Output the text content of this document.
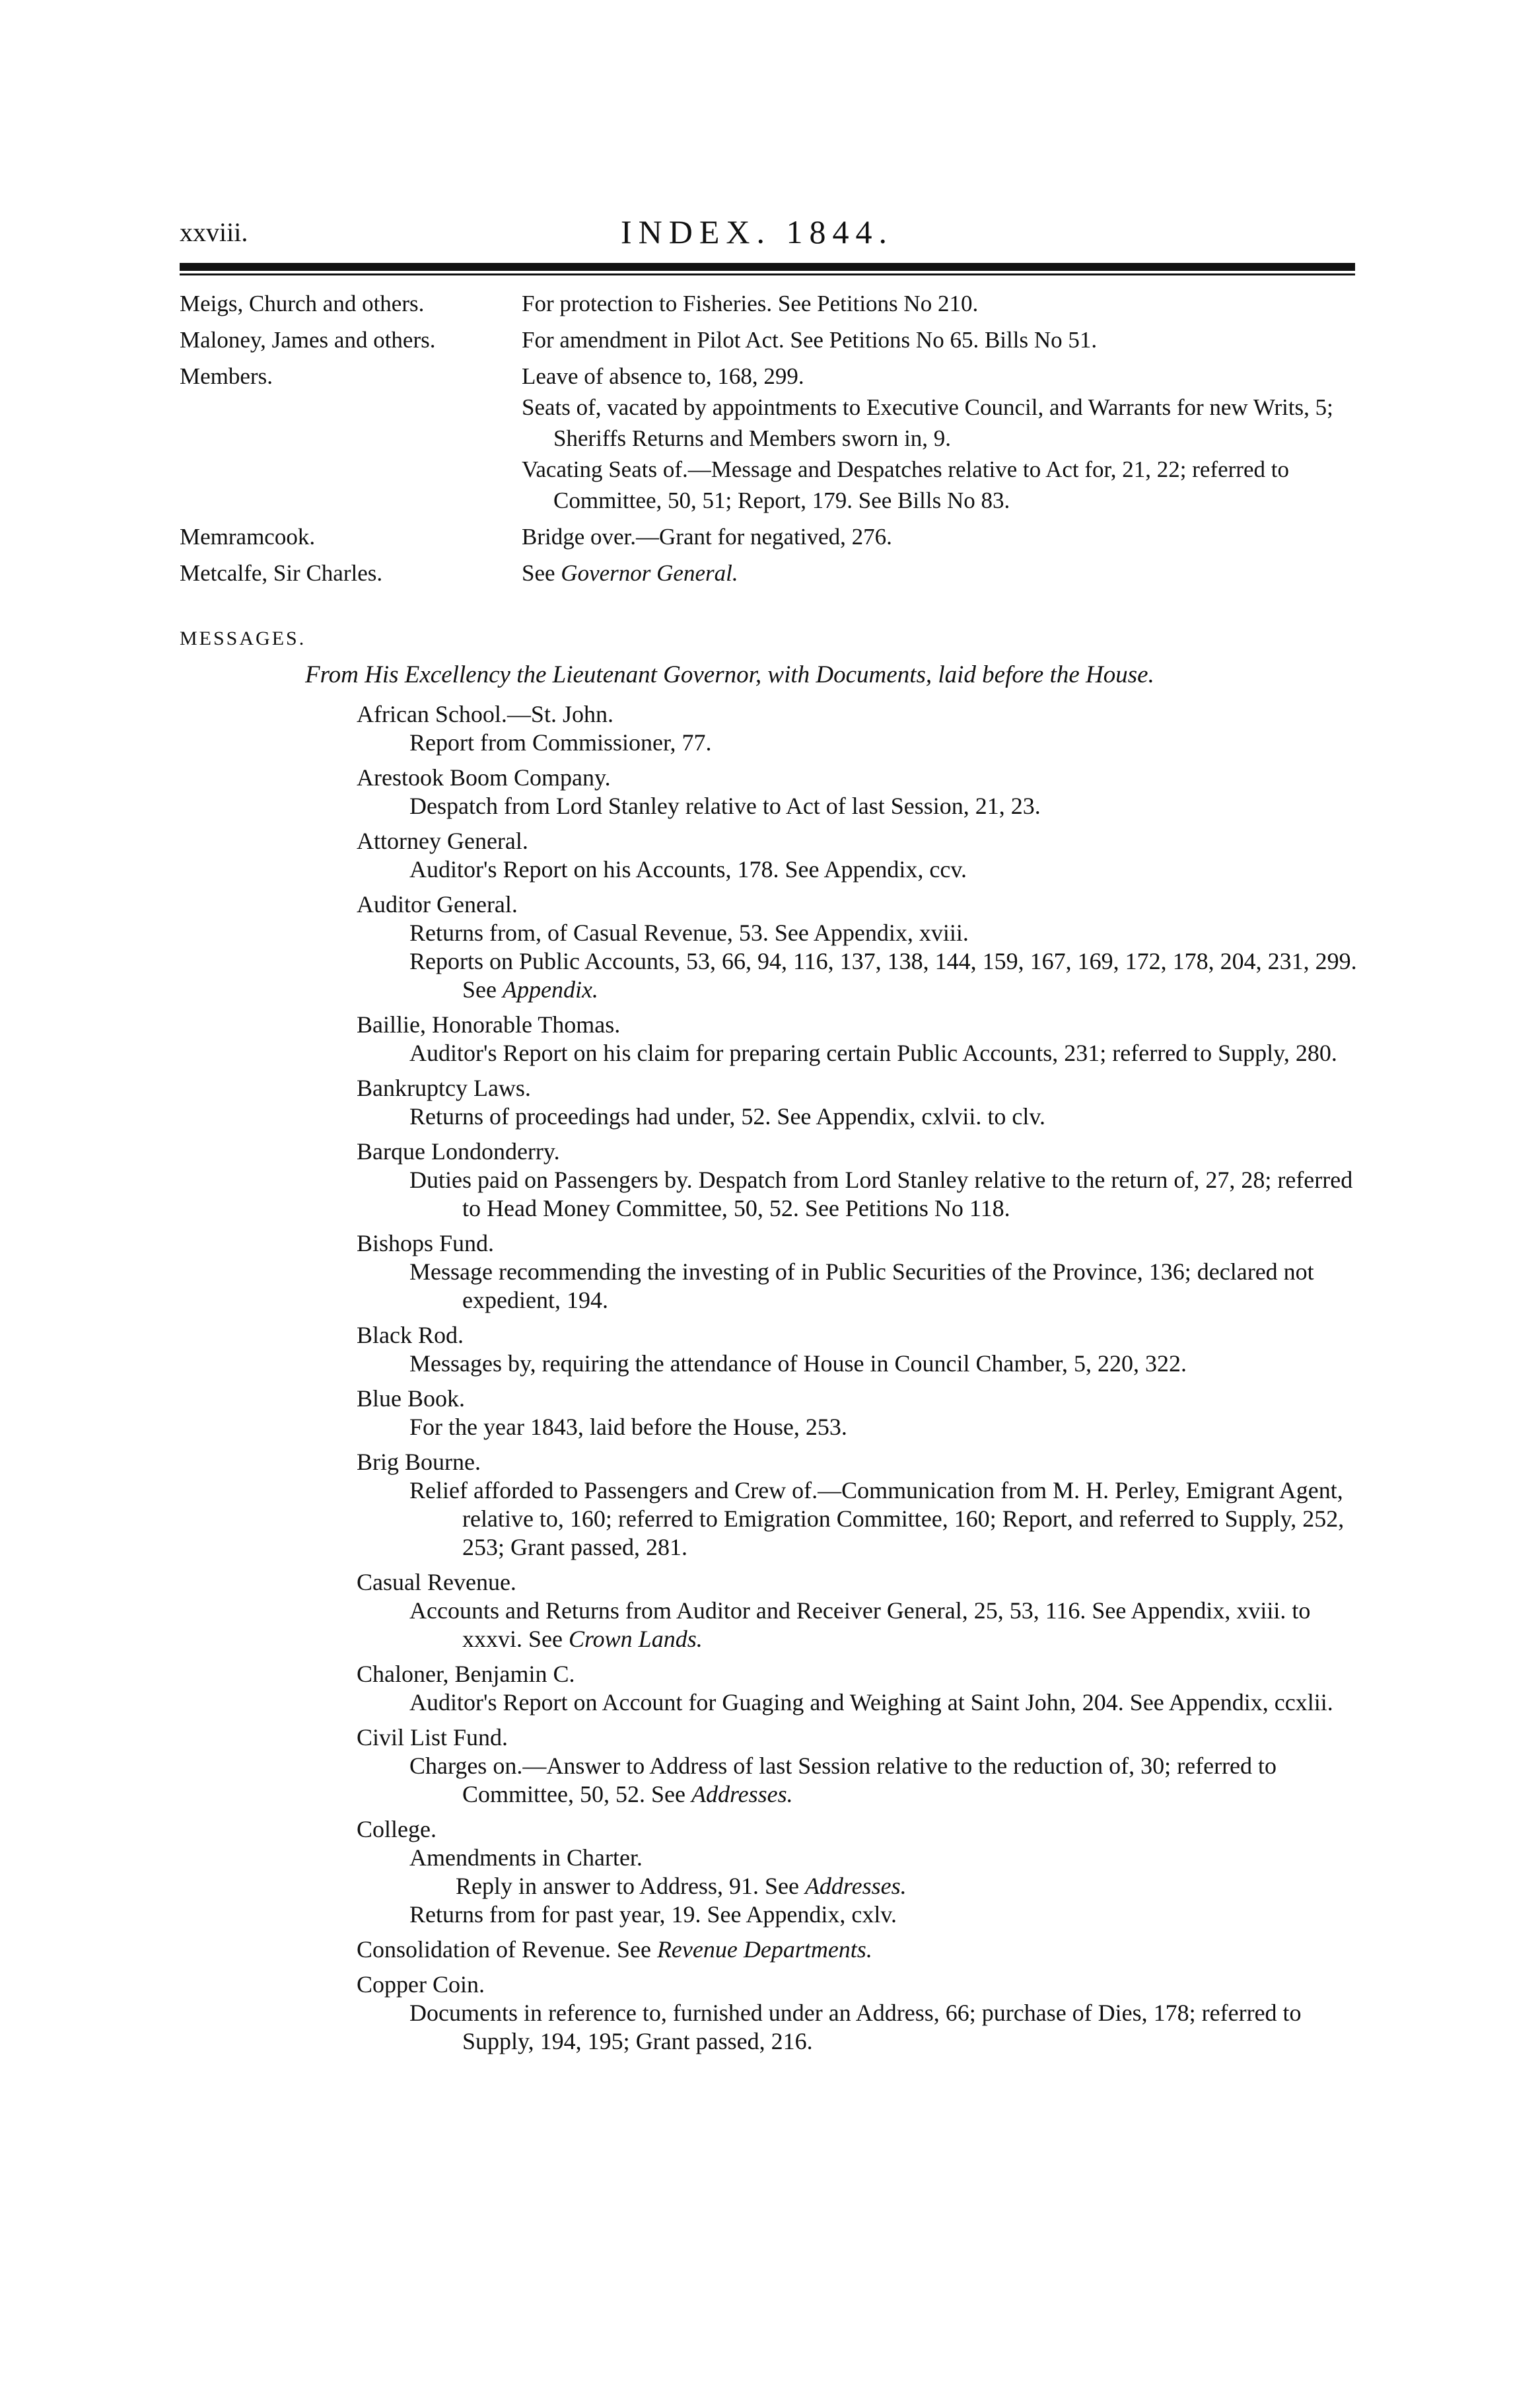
xxviii.	INDEX. 1844.
Meigs, Church and others.	For protection to Fisheries. See Petitions No 210.
Maloney, James and others.	For amendment in Pilot Act. See Petitions No 65. Bills No 51.
Members.	Leave of absence to, 168, 299.
Seats of, vacated by appointments to Executive Council, and Warrants for new Writs, 5; Sheriffs Returns and Members sworn in, 9.
Vacating Seats of.—Message and Despatches relative to Act for, 21, 22; referred to Committee, 50, 51; Report, 179. See Bills No 83.
Memramcook.	Bridge over.—Grant for negatived, 276.
Metcalfe, Sir Charles.	See Governor General.
MESSAGES.
From His Excellency the Lieutenant Governor, with Documents, laid before the House.
African School.—St. John.
Report from Commissioner, 77.
Arestook Boom Company.
Despatch from Lord Stanley relative to Act of last Session, 21, 23.
Attorney General.
Auditor's Report on his Accounts, 178. See Appendix, ccv.
Auditor General.
Returns from, of Casual Revenue, 53. See Appendix, xviii.
Reports on Public Accounts, 53, 66, 94, 116, 137, 138, 144, 159, 167, 169, 172, 178, 204, 231, 299. See Appendix.
Baillie, Honorable Thomas.
Auditor's Report on his claim for preparing certain Public Accounts, 231; referred to Supply, 280.
Bankruptcy Laws.
Returns of proceedings had under, 52. See Appendix, cxlvii. to clv.
Barque Londonderry.
Duties paid on Passengers by. Despatch from Lord Stanley relative to the return of, 27, 28; referred to Head Money Committee, 50, 52. See Petitions No 118.
Bishops Fund.
Message recommending the investing of in Public Securities of the Province, 136; declared not expedient, 194.
Black Rod.
Messages by, requiring the attendance of House in Council Chamber, 5, 220, 322.
Blue Book.
For the year 1843, laid before the House, 253.
Brig Bourne.
Relief afforded to Passengers and Crew of.—Communication from M. H. Perley, Emigrant Agent, relative to, 160; referred to Emigration Committee, 160; Report, and referred to Supply, 252, 253; Grant passed, 281.
Casual Revenue.
Accounts and Returns from Auditor and Receiver General, 25, 53, 116. See Appendix, xviii. to xxxvi. See Crown Lands.
Chaloner, Benjamin C.
Auditor's Report on Account for Guaging and Weighing at Saint John, 204. See Appendix, ccxlii.
Civil List Fund.
Charges on.—Answer to Address of last Session relative to the reduction of, 30; referred to Committee, 50, 52. See Addresses.
College.
Amendments in Charter.
Reply in answer to Address, 91. See Addresses.
Returns from for past year, 19. See Appendix, cxlv.
Consolidation of Revenue. See Revenue Departments.
Copper Coin.
Documents in reference to, furnished under an Address, 66; purchase of Dies, 178; referred to Supply, 194, 195; Grant passed, 216.
